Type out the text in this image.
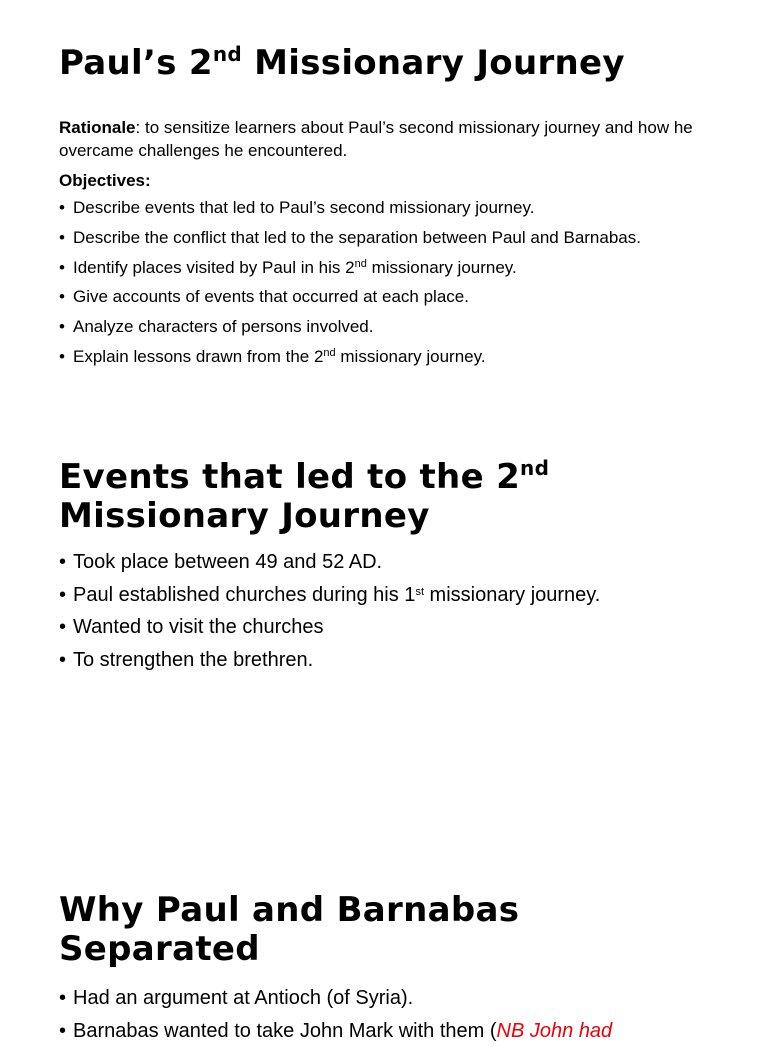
Paul’s 2nd Missionary Journey

Rationale: to sensitize learners about Paul’s second missionary journey and how he overcame challenges he encountered.

Objectives:

• Describe events that led to Paul’s second missionary journey.
• Describe the conflict that led to the separation between Paul and Barnabas.
• Identify places visited by Paul in his 2nd missionary journey.
• Give accounts of events that occurred at each place.
• Analyze characters of persons involved.
• Explain lessons drawn from the 2nd missionary journey.
Events that led to the 2nd
Missionary Journey
• Took place between 49 and 52 AD.
• Paul established churches during his 1st missionary journey.
• Wanted to visit the churches
• To strengthen the brethren.
Why Paul and Barnabas
Separated
• Had an argument at Antioch (of Syria).
• Barnabas wanted to take John Mark with them (NB John had
